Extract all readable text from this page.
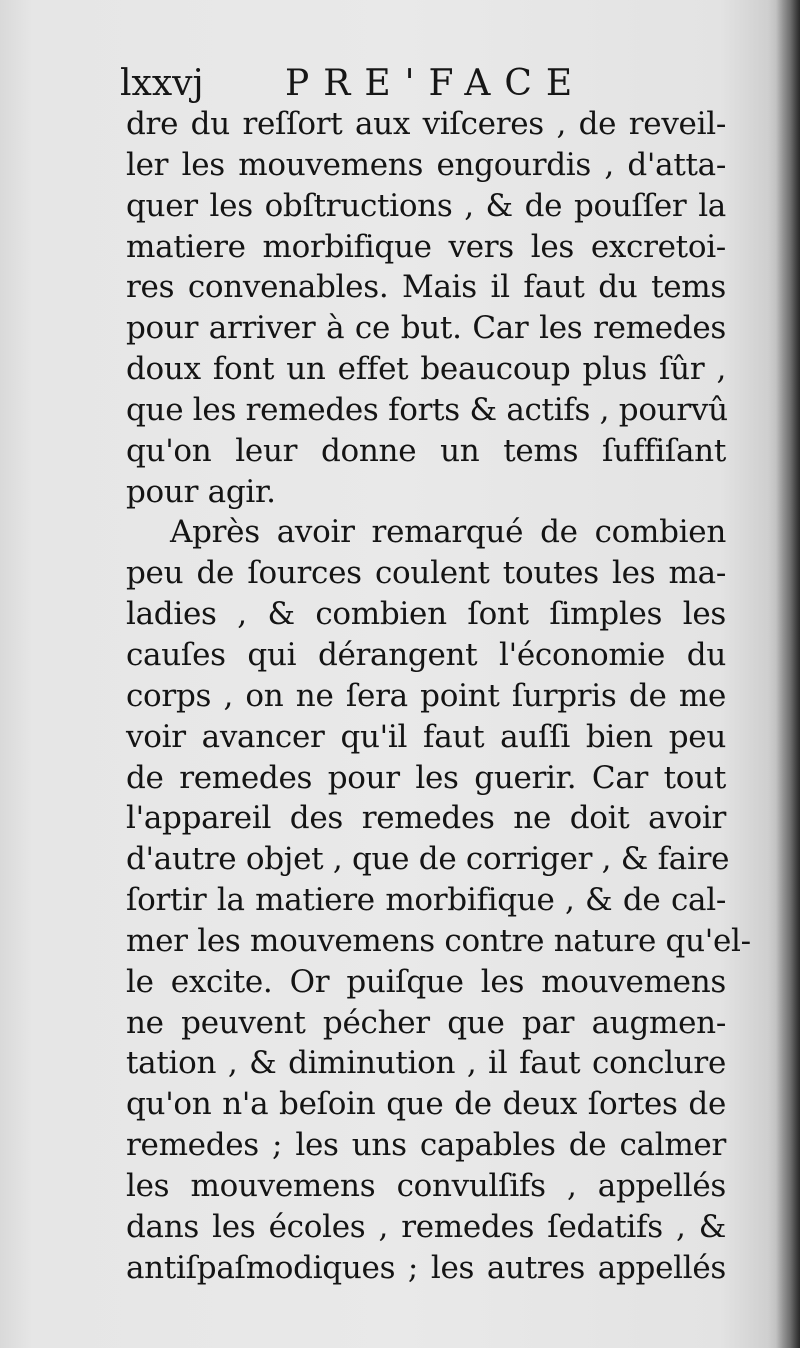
lxxvj PRE'FACE
dre du reſſort aux viſceres , de reveil-
ler les mouvemens engourdis , d'atta-
quer les obſtructions , & de pouſſer la
matiere morbifique vers les excretoi-
res convenables. Mais il faut du tems
pour arriver à ce but. Car les remedes
doux font un effet beaucoup plus ſûr ,
que les remedes forts & actifs , pourvû
qu'on leur donne un tems ſuffiſant
pour agir.
Après avoir remarqué de combien
peu de ſources coulent toutes les ma-
ladies , & combien ſont ſimples les
cauſes qui dérangent l'économie du
corps , on ne ſera point ſurpris de me
voir avancer qu'il faut auſſi bien peu
de remedes pour les guerir. Car tout
l'appareil des remedes ne doit avoir
d'autre objet , que de corriger , & faire
ſortir la matiere morbifique , & de cal-
mer les mouvemens contre nature qu'el-
le excite. Or puiſque les mouvemens
ne peuvent pécher que par augmen-
tation , & diminution , il faut conclure
qu'on n'a beſoin que de deux ſortes de
remedes ; les uns capables de calmer
les mouvemens convulſifs , appellés
dans les écoles , remedes ſedatifs , &
antiſpaſmodiques ; les autres appellés
